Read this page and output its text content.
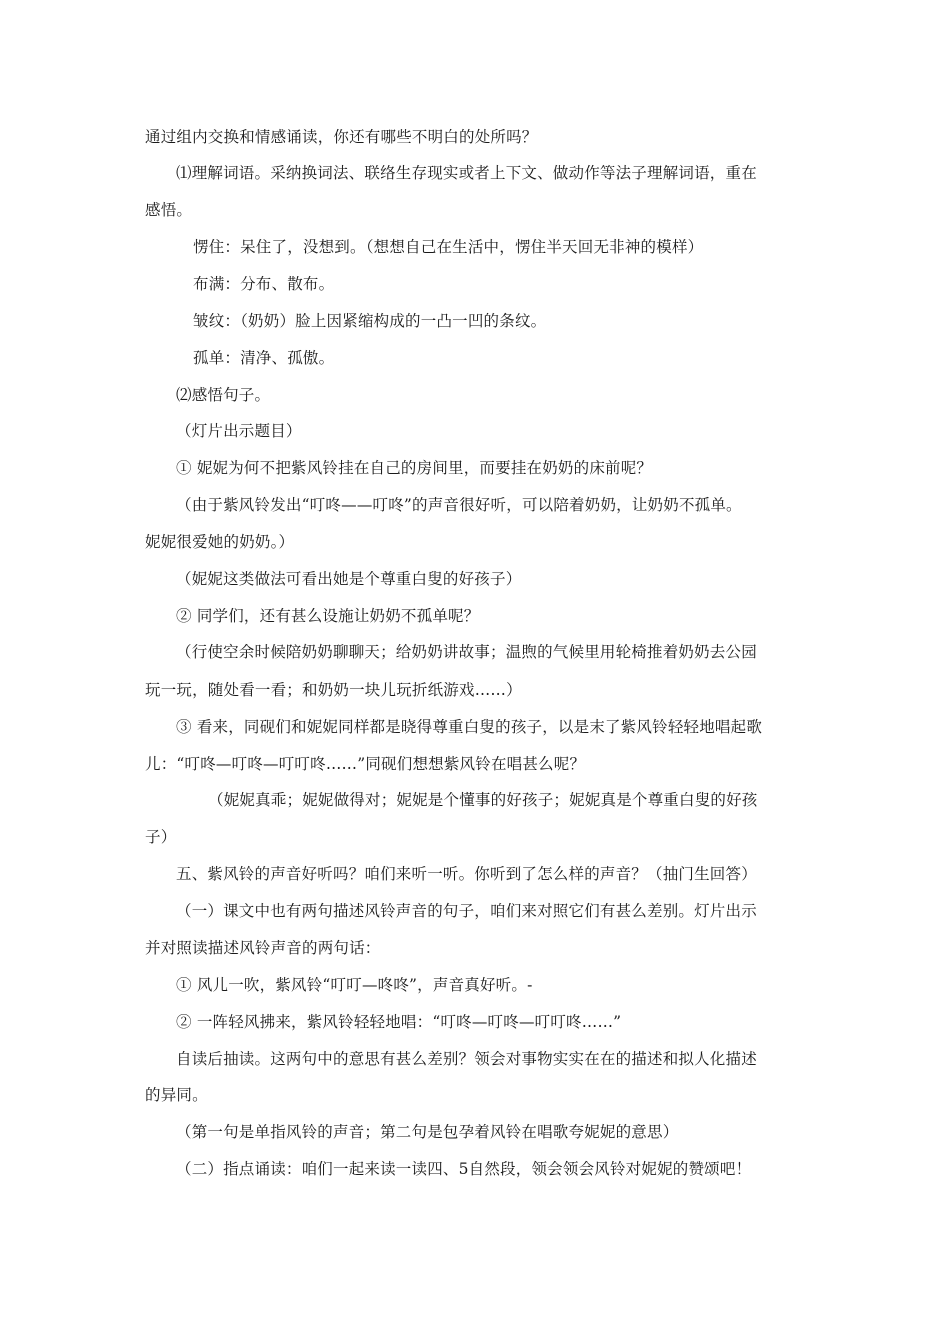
通过组内交换和情感诵读，你还有哪些不明白的处所吗？
⑴理解词语。采纳换词法、联络生存现实或者上下文、做动作等法子理解词语，重在
感悟。
愣住：呆住了，没想到。（想想自己在生活中，愣住半天回无非神的模样）
布满：分布、散布。
皱纹：（奶奶）脸上因紧缩构成的一凸一凹的条纹。
孤单：清净、孤傲。
⑵感悟句子。
（灯片出示题目）
① 妮妮为何不把紫风铃挂在自己的房间里，而要挂在奶奶的床前呢？
（由于紫风铃发出“叮咚——叮咚”的声音很好听，可以陪着奶奶，让奶奶不孤单。
妮妮很爱她的奶奶。）
（妮妮这类做法可看出她是个尊重白叟的好孩子）
② 同学们，还有甚么设施让奶奶不孤单呢？
（行使空余时候陪奶奶聊聊天；给奶奶讲故事；温煦的气候里用轮椅推着奶奶去公园
玩一玩，随处看一看；和奶奶一块儿玩折纸游戏……）
③ 看来，同砚们和妮妮同样都是晓得尊重白叟的孩子，以是末了紫风铃轻轻地唱起歌
儿：“叮咚—叮咚—叮叮咚……”同砚们想想紫风铃在唱甚么呢？
（妮妮真乖；妮妮做得对；妮妮是个懂事的好孩子；妮妮真是个尊重白叟的好孩
子）
五、紫风铃的声音好听吗？咱们来听一听。你听到了怎么样的声音？（抽门生回答）
（一）课文中也有两句描述风铃声音的句子，咱们来对照它们有甚么差别。灯片出示
并对照读描述风铃声音的两句话：
① 风儿一吹，紫风铃“叮叮—咚咚”，声音真好听。-
② 一阵轻风拂来，紫风铃轻轻地唱：“叮咚—叮咚—叮叮咚……”
自读后抽读。这两句中的意思有甚么差别？领会对事物实实在在的描述和拟人化描述
的异同。
（第一句是单指风铃的声音；第二句是包孕着风铃在唱歌夸妮妮的意思）
（二）指点诵读：咱们一起来读一读四、5自然段，领会领会风铃对妮妮的赞颂吧！
